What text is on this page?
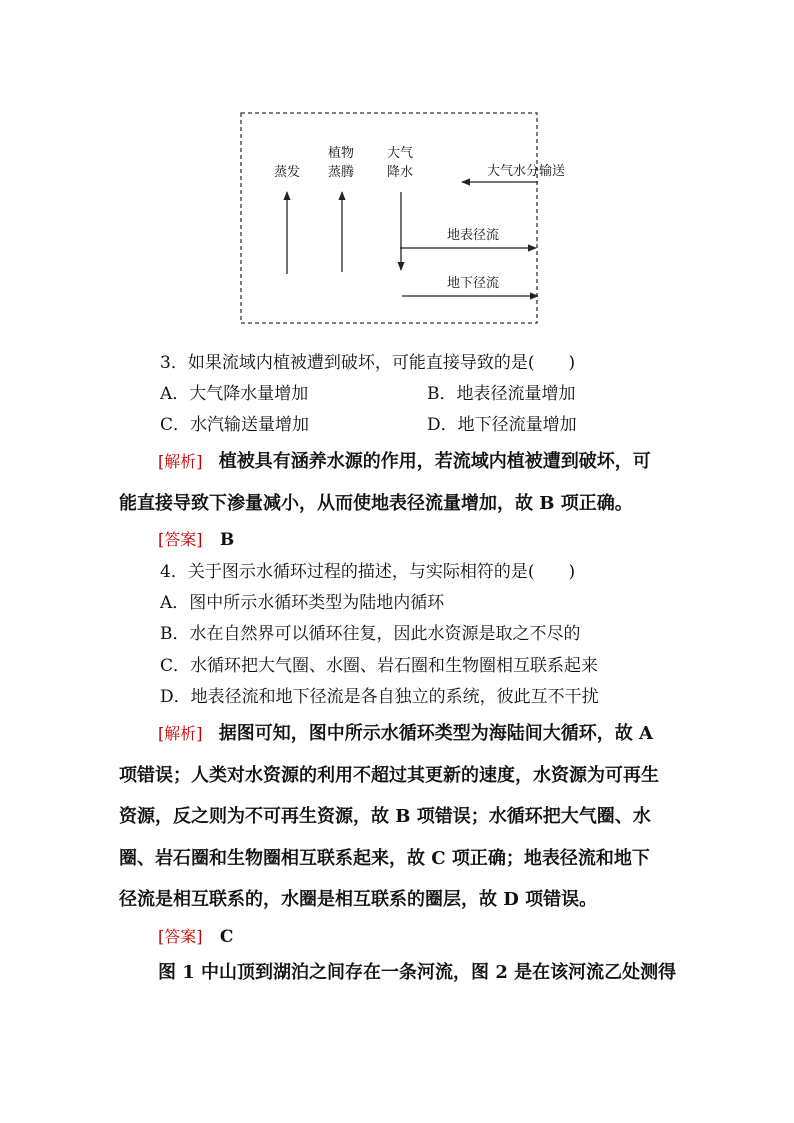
蒸发
植物
蒸腾
大气
降水	大气水分输送
地表径流
地下径流
3．如果流域内植被遭到破坏，可能直接导致的是(　　)
A．大气降水量增加	B．地表径流量增加
C．水汽输送量增加	D．地下径流量增加
[解析] 植被具有涵养水源的作用，若流域内植被遭到破坏，可
能直接导致下渗量减小，从而使地表径流量增加，故 B 项正确。
[答案] B
4．关于图示水循环过程的描述，与实际相符的是(　　)
A．图中所示水循环类型为陆地内循环
B．水在自然界可以循环往复，因此水资源是取之不尽的
C．水循环把大气圈、水圈、岩石圈和生物圈相互联系起来
D．地表径流和地下径流是各自独立的系统，彼此互不干扰
[解析] 据图可知，图中所示水循环类型为海陆间大循环，故 A
项错误；人类对水资源的利用不超过其更新的速度，水资源为可再生
资源，反之则为不可再生资源，故 B 项错误；水循环把大气圈、水
圈、岩石圈和生物圈相互联系起来，故 C 项正确；地表径流和地下
径流是相互联系的，水圈是相互联系的圈层，故 D 项错误。
[答案] C
图 1 中山顶到湖泊之间存在一条河流，图 2 是在该河流乙处测得
